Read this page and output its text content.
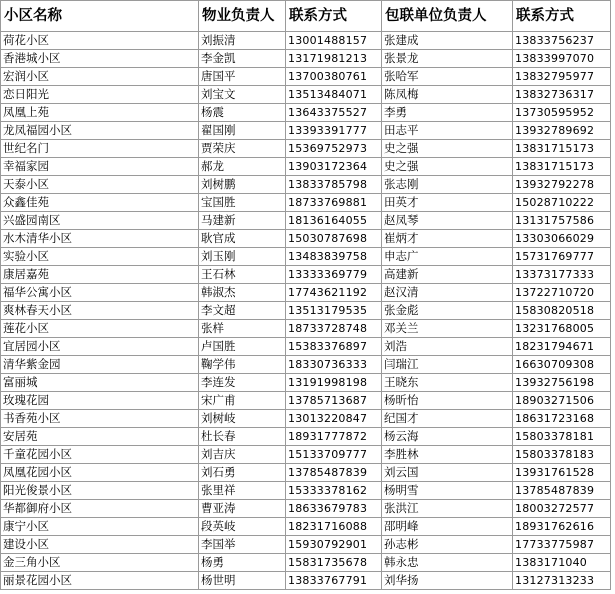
小区名称	物业负责人	联系方式	包联单位负责人	联系方式
荷花小区	刘振清	13001488157	张建成	13833756237
香港城小区	李金凯	13171981213	张景龙	13833997070
宏润小区	唐国平	13700380761	张哈军	13832795977
恋日阳光	刘宝文	13513484071	陈凤梅	13832736317
凤凰上苑	杨震	13643375527	李勇	13730595952
龙凤福园小区	翟国刚	13393391777	田志平	13932789692
世纪名门	贾荣庆	15369752973	史之强	13831715173
幸福家园	郝龙	13903172364	史之强	13831715173
天泰小区	刘树鹏	13833785798	张志刚	13932792278
众鑫佳苑	宝国胜	18733769881	田英才	15028710222
兴盛园南区	马建新	18136164055	赵凤琴	13131757586
水木清华小区	耿官成	15030787698	崔炳才	13303066029
实验小区	刘玉刚	13483839758	申志广	15731769777
康居嘉苑	王石林	13333369779	高建新	13373177333
福华公寓小区	韩淑杰	17743621192	赵汉清	13722710720
爽林春天小区	李文超	13513179535	张金彪	15830820518
莲花小区	张样	18733728748	邓关兰	13231768005
宜居园小区	卢国胜	15383376897	刘浩	18231794671
清华紫金园	鞠学伟	18330736333	闫瑞江	16630709308
富丽城	李连发	13191998198	王晓东	13932756198
玫瑰花园	宋广甫	13785713687	杨昕怡	18903271506
书香苑小区	刘树岐	13013220847	纪国才	18631723168
安居苑	杜长春	18931777872	杨云海	15803378181
千童花园小区	刘吉庆	15133709777	李胜林	15803378183
凤凰花园小区	刘石勇	13785487839	刘云国	13931761528
阳光俊景小区	张里祥	15333378162	杨明雪	13785487839
华都御府小区	曹亚涛	18633679783	张洪江	18003272577
康宁小区	段英岐	18231716088	邵明峰	18931762616
建设小区	李国举	15930792901	孙志彬	17733775987
金三角小区	杨勇	15831735678	韩永忠	1383171040
丽景花园小区	杨世明	13833767791	刘华扬	13127313233
